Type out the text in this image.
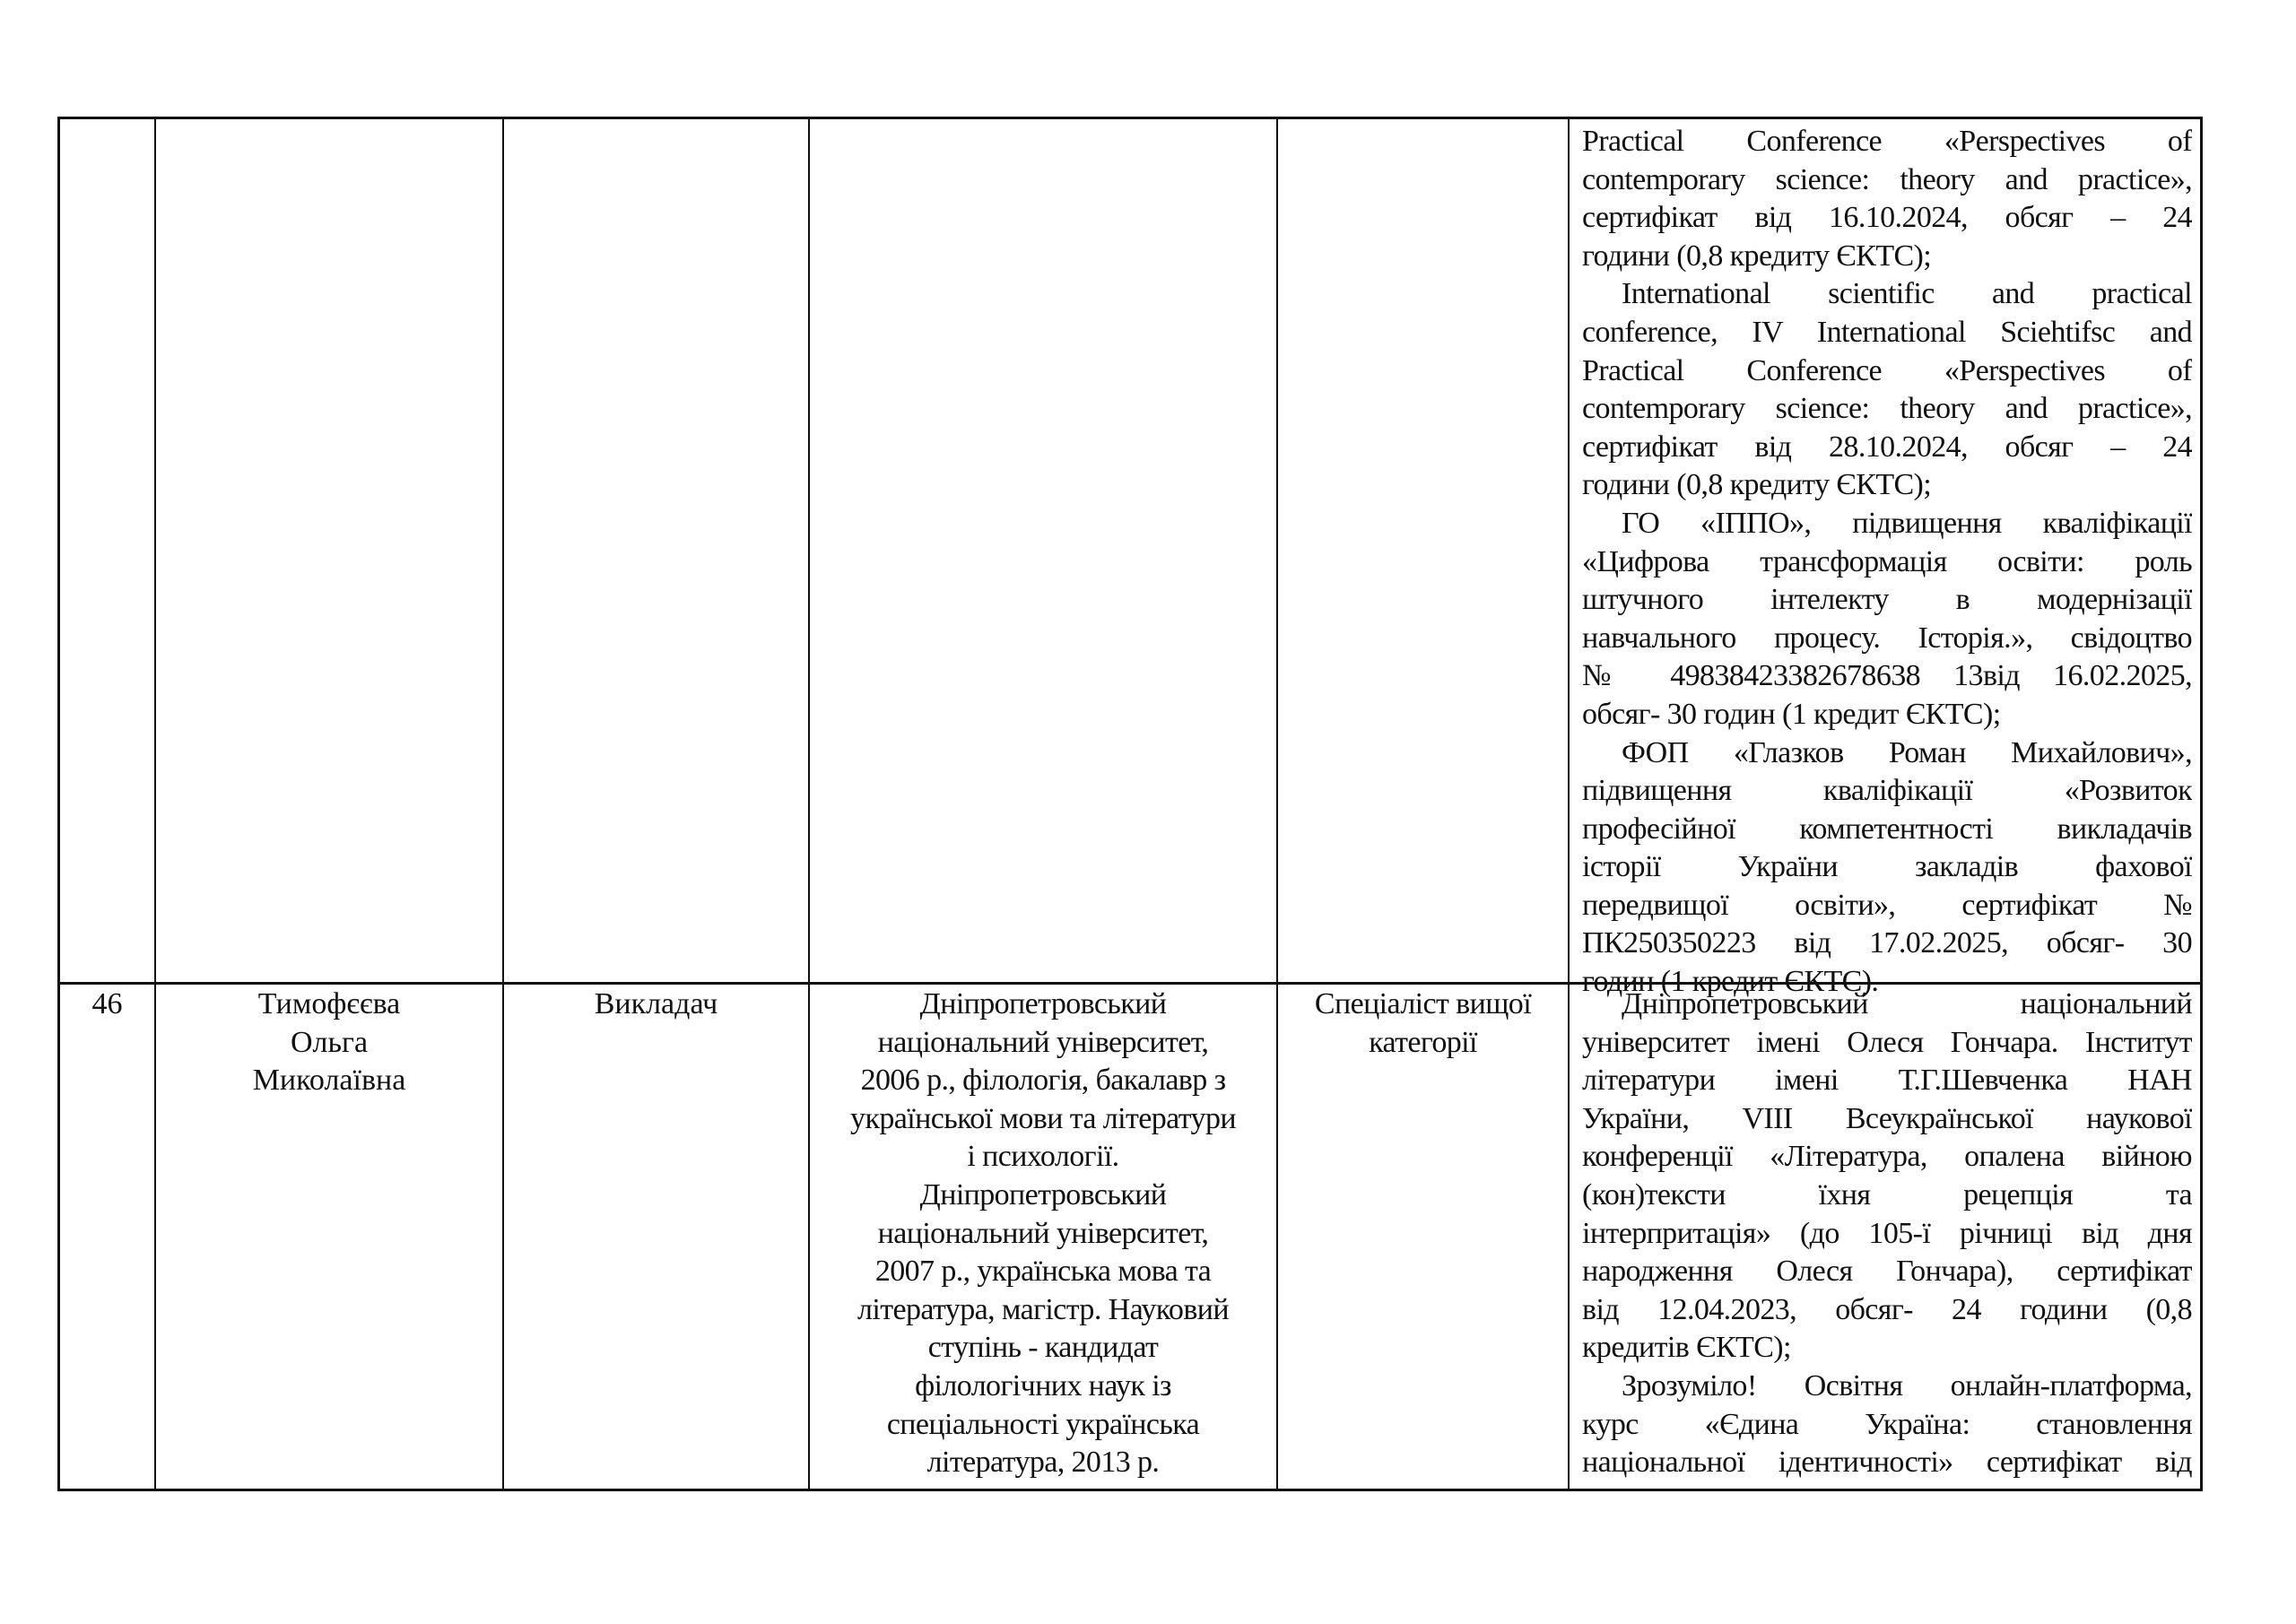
Practical Conference «Perspectives of
contemporary science: theory and practice»,
сертифікат від 16.10.2024, обсяг – 24
години (0,8 кредиту ЄКТС);
International scientific and practical
conference, IV International Sciehtifsc and
Practical Conference «Perspectives of
contemporary science: theory and practice»,
сертифікат від 28.10.2024, обсяг – 24
години (0,8 кредиту ЄКТС);
ГО «ІППО», підвищення кваліфікації
«Цифрова трансформація освіти: роль
штучного інтелекту в модернізації
навчального процесу. Історія.», свідоцтво
№ 49838423382678638 13від 16.02.2025,
обсяг- 30 годин (1 кредит ЄКТС);
ФОП «Глазков Роман Михайлович»,
підвищення кваліфікації «Розвиток
професійної компетентності викладачів
історії України закладів фахової
передвищої освіти», сертифікат №
ПК250350223 від 17.02.2025, обсяг- 30
годин (1 кредит ЄКТС).
46	Тимофєєва
Ольга
Миколаївна
Викладач	Дніпропетровський
національний університет,
2006 р., філологія, бакалавр з
української мови та літератури
і психології.
Дніпропетровський
національний університет,
2007 р., українська мова та
література, магістр. Науковий
ступінь - кандидат
філологічних наук із
спеціальності українська
література, 2013 р.
Спеціаліст вищої
категорії
Дніпропетровський національний
університет імені Олеся Гончара. Інститут
літератури імені Т.Г.Шевченка НАН
України, VIII Всеукраїнської наукової
конференції «Література, опалена війною
(кон)тексти їхня рецепція та
інтерпритація» (до 105-ї річниці від дня
народження Олеся Гончара), сертифікат
від 12.04.2023, обсяг- 24 години (0,8
кредитів ЄКТС);
Зрозуміло! Освітня онлайн-платформа,
курс «Єдина Україна: становлення
національної ідентичності» сертифікат від
